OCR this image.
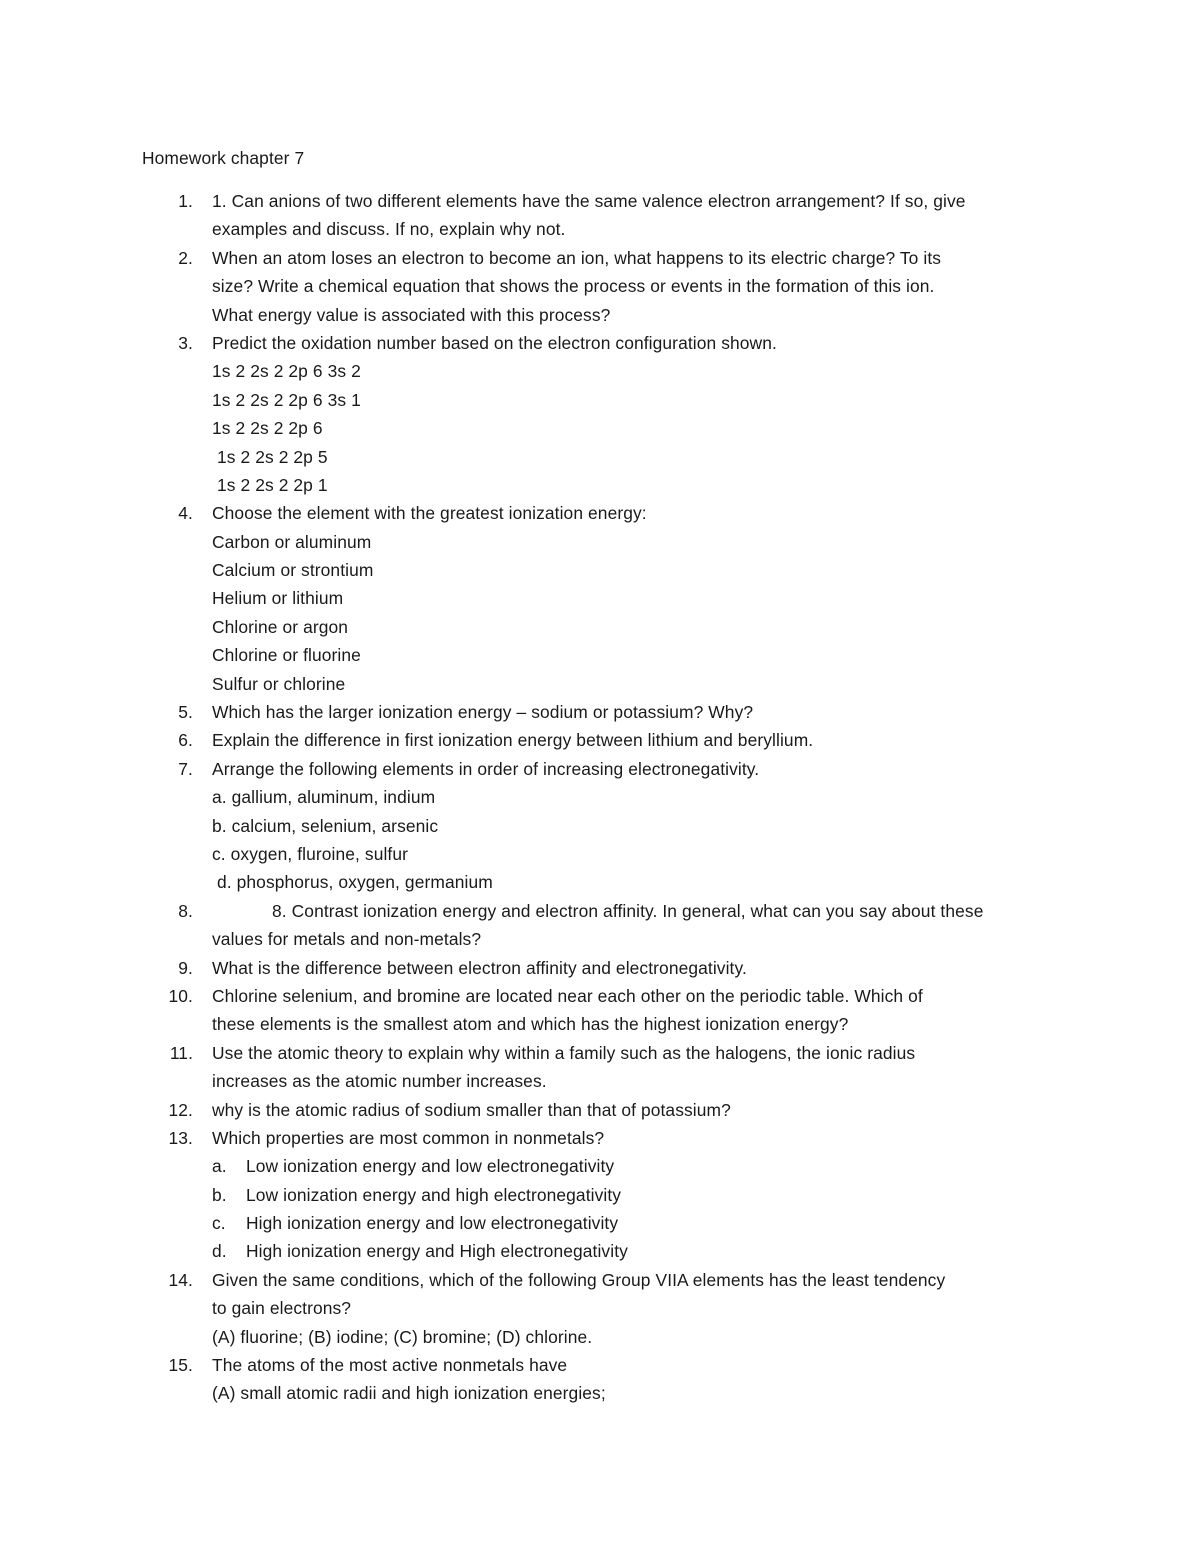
Homework chapter 7
1. 1. Can anions of two different elements have the same valence electron arrangement? If so, give
examples and discuss. If no, explain why not.
2. When an atom loses an electron to become an ion, what happens to its electric charge? To its
size? Write a chemical equation that shows the process or events in the formation of this ion.
What energy value is associated with this process?
3. Predict the oxidation number based on the electron configuration shown.
1s 2 2s 2 2p 6 3s 2
1s 2 2s 2 2p 6 3s 1
1s 2 2s 2 2p 6
1s 2 2s 2 2p 5
1s 2 2s 2 2p 1
4. Choose the element with the greatest ionization energy:
Carbon or aluminum
Calcium or strontium
Helium or lithium
Chlorine or argon
Chlorine or fluorine
Sulfur or chlorine
5. Which has the larger ionization energy – sodium or potassium? Why?
6. Explain the difference in first ionization energy between lithium and beryllium.
7. Arrange the following elements in order of increasing electronegativity.
a. gallium, aluminum, indium
b. calcium, selenium, arsenic
c. oxygen, fluroine, sulfur
d. phosphorus, oxygen, germanium
8.	8. Contrast ionization energy and electron affinity. In general, what can you say about these
values for metals and non-metals?
9. What is the difference between electron affinity and electronegativity.
10. Chlorine selenium, and bromine are located near each other on the periodic table. Which of
these elements is the smallest atom and which has the highest ionization energy?
11. Use the atomic theory to explain why within a family such as the halogens, the ionic radius
increases as the atomic number increases.
12. why is the atomic radius of sodium smaller than that of potassium?
13. Which properties are most common in nonmetals?
a. Low ionization energy and low electronegativity
b. Low ionization energy and high electronegativity
c. High ionization energy and low electronegativity
d. High ionization energy and High electronegativity
14. Given the same conditions, which of the following Group VIIA elements has the least tendency
to gain electrons?
(A) fluorine; (B) iodine; (C) bromine; (D) chlorine.
15. The atoms of the most active nonmetals have
(A) small atomic radii and high ionization energies;
